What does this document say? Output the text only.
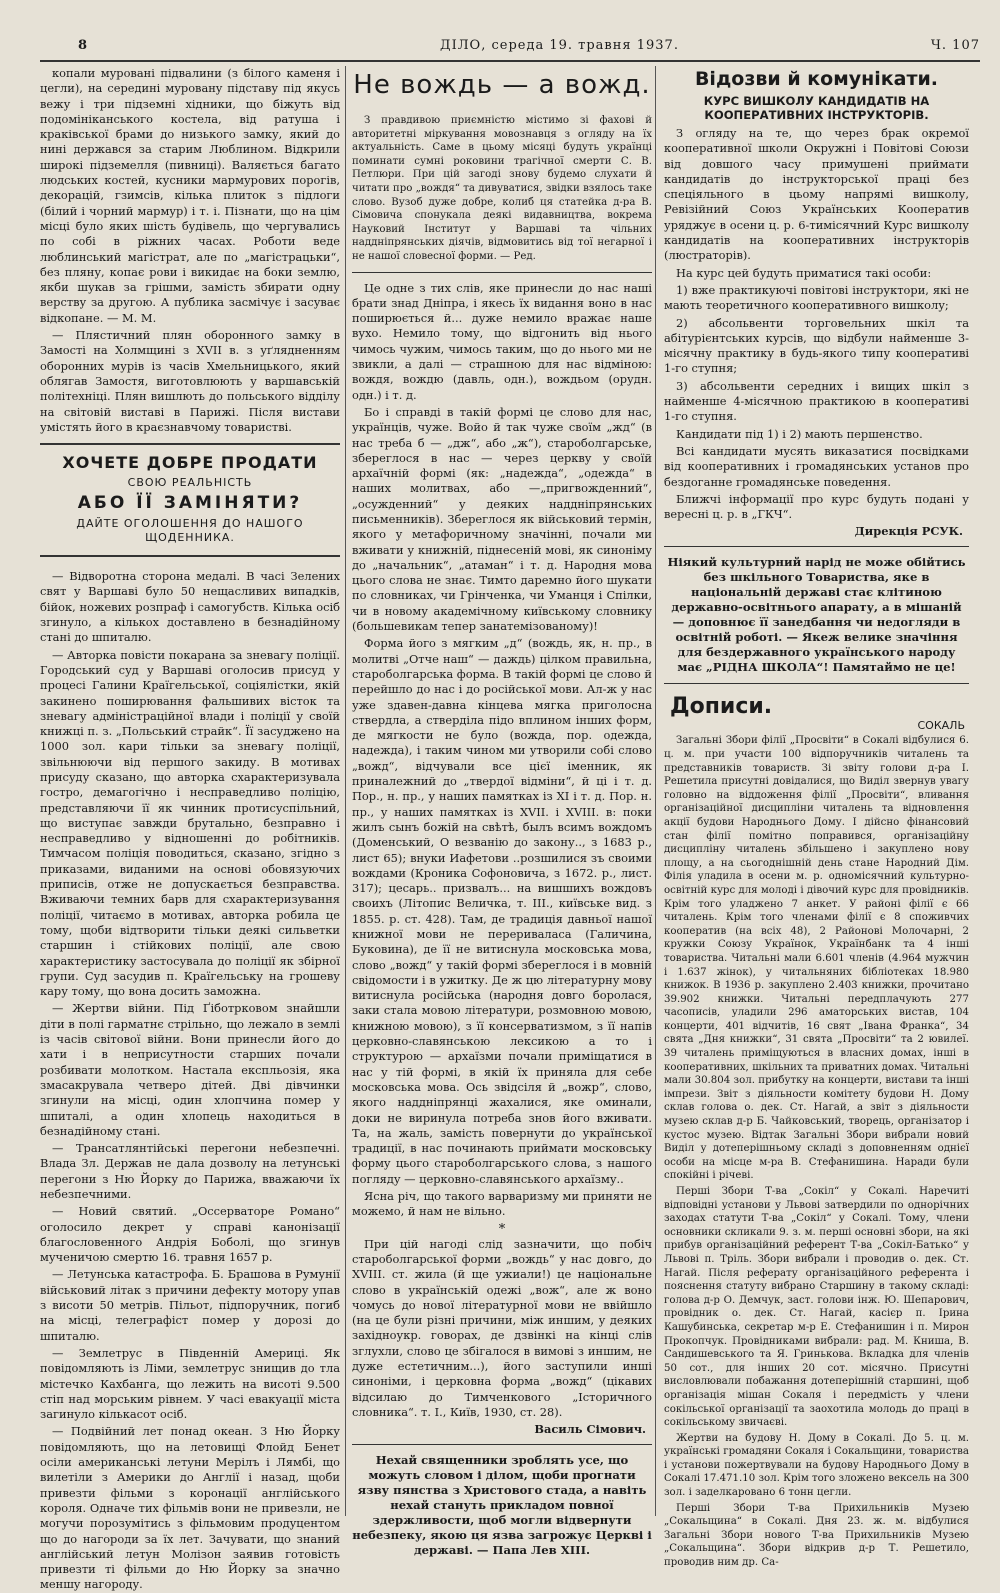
8	ДІЛО, середа 19. травня 1937.	Ч. 107

копали муровані підвалини (з білого каменя і цегли), на середині мурованy підставу під якусь вежу і три підземні хідники, що біжуть від подомініканського костела, від ратуша і краківської брами до низького замку, який до нині держався за старим Люблином. Відкрили широкі підземелля (пивниці). Валяється багато людських костей, кусники мармурових порогів, декорацій, гзимсів, кілька плиток з підлоги (білий і чорний мармур) і т. і. Пізнати, що на цім місці було яких шість будівель, що чергувались по собі в ріжних часах. Роботи веде люблинський магістрат, але по „магістрацьки“, без пляну, копає рови і викидає на боки землю, якби шукав за грішми, замість збирати одну верству за другою. А публика засмічує і засуває відкопане. — М. М.

— Плястичний плян оборонного замку в Замості на Холмщині з XVII в. з уґлядненням оборонних мурів із часів Хмельницького, який облягав Замостя, виготовлюють у варшавській політехніці. Плян вишлють до польського відділу на світовій виставі в Парижі. Після вистави умістять його в краєзнавчому товаристві.

ХОЧЕТЕ ДОБРЕ ПРОДАТИ
СВОЮ РЕАЛЬНІСТЬ
АБО ЇЇ ЗАМІНЯТИ?
ДАЙТЕ ОГОЛОШЕННЯ ДО НАШОГО ЩОДЕННИКА.

— Відворотна сторона медалі. В часі Зелених свят у Варшаві було 50 нещасливих випадків, бійок, ножевих розпраф і самогубств. Кілька осіб згинуло, а кількох доставлено в безнадійному стані до шпиталю.

— Авторка повісти покарана за зневагу поліції. Городський суд у Варшаві оголосив присуд у процесі Галини Країгельської, соціялістки, якій закинено поширювання фальшивих вісток та зневагу адміністраційної влади і поліції у своїй книжці п. з. „Польський страйк“. Її засуджено на 1000 зол. кари тільки за зневагу поліції, звільнюючи від першого закиду. В мотивах присуду сказано, що авторка схарактеризувала гостро, демагогічно і несправедливо поліцію, представляючи її як чинник протисуспільний, що виступає завжди брутально, безправно і несправедливо у відношенні до робітників. Тимчасом поліція поводиться, сказано, згідно з приказами, виданими на основі обовязуючих приписів, отже не допускається безправства. Вживаючи темних барв для схарактеризування поліції, читаємо в мотивах, авторка робила це тому, щоби відтворити тільки деякі сильветки старшин і стійкових поліції, але свою характеристику застосувала до поліції як збірної групи. Суд засудив п. Країгельську на грошеву кару тому, що вона досить заможна.

— Жертви війни. Під Ґіботрковом знайшли діти в полі гарматнє стрільно, що лежало в землі із часів світової війни. Вони принесли його до хати і в неприсутности старших почали розбивати молотком. Настала експльозія, яка змасакрувала четверо дітей. Дві дівчинки згинули на місці, один хлопчина помер у шпиталі, а один хлопець находиться в безнадійному стані.

— Трансатлянтійські перегони небезпечні. Влада Зл. Держав не дала дозволу на летунські перегони з Ню Йорку до Парижа, вважаючи їх небезпечними.

— Новий святий. „Оссерваторе Романо“ оголосило декрет у справі канонізації благословенного Андрія Боболі, що згинув мученичою смертю 16. травня 1657 р.

— Летунська катастрофа. Б. Брашова в Румунії військовий літак з причини дефекту мотору упав з висоти 50 метрів. Пільот, підпоручник, погиб на місці, телеграфіст помер у дорозі до шпиталю.

— Землетрус в Південній Америці. Як повідомляють із Ліми, землетрус знищив до тла містечко Кахбанга, що лежить на висоті 9.500 стіп над морським рівнем. У часі евакуації міста загинуло кількасот осіб.

— Подвійний лет понад океан. З Ню Йорку повідомляють, що на летовищі Флойд Бенет осіли американські летуни Мерілъ і Лямбі, що вилетіли з Америки до Англії і назад, щоби привезти фільми з коронації англійського короля. Одначе тих фільмів вони не привезли, не могучи порозумітись з фільмовим продуцентом що до нагороди за їх лет. Зачувати, що знаний англійський летун Молізон заявив готовість привезти ті фільми до Ню Йорку за значно меншу нагороду.

Не вождь — а вожд.

З правдивою приємністю містимо зі фахові й авторитетні міркування мовознавця з огляду на їх актуальність. Саме в цьому місяці будуть українці поминати сумні роковини трагічної смерти С. В. Петлюри. При цій загоді знову будемо слухати й читати про „вождя“ та дивуватися, звідки взялось таке слово. Вузоб дуже добре, колиб ця статейка д-ра В. Сімовича спонукала деякі видавництва, вокрема Науковий Інститут у Варшаві та чільних наддніпрянських діячів, відмовитись від тої негарної і не нашої словесної форми. — Ред.

Це одне з тих слів, яке принесли до нас наші брати знад Дніпра, і якесь їх видання воно в нас поширюється й... дуже немило вражає наше вухо. Немило тому, що відгонить від нього чимось чужим, чимось таким, що до нього ми не звикли, а далі — страшною для нас відміною: вождя, вождю (давль, одн.), вождьом (орудн. одн.) і т. д.

Бо і справді в такій формі це слово для нас, українців, чуже. Вoйо й так чуже своїм „жд“ (в нас треба б — „дж“, або „ж“), староболгарське, збереглося в нас — через церкву у своїй архаїчній формі (як: „надежда“, „одежда“ в наших молитвах, або —„пригвожденний“, „осужденний“ у деяких наддніпрянських письменників). Збереглося як військовий термін, якого у метафоричному значінні, почали ми вживати у книжній, піднесеній мові, як синоніму до „начальник“, „атаман“ і т. д. Народня мова цього слова не знає. Тимто даремно його шукати по словниках, чи Грінченка, чи Уманця і Спілки, чи в новому академічному київському словнику (большевикам тепер занатемізованому)!

Форма його з мягким „д“ (вождь, як, н. пр., в молитві „Отче наш“ — даждь) цілком правильна, староболгарська форма. В такій формі це слово й перейшло до нас і до російської мови. Ал-ж у нас уже здавен-давна кінцева мягка приголосна ствердла, а стверділа пiдо вплином інших форм, де мягкости не було (вожда, пор. одежда, надежда), і таким чином ми утворили собі слово „вожд“, відчували все цієї іменник, як приналежний до „твердої відміни“, й ці і т. д. Пор., н. пр., у наших памятках із ХІ і т. д. Пор. н. пр., у наших памятках із XVII. і XVIII. в: поки жилъ сынъ божій на свѣтѣ, былъ всимъ вождомъ (Доменський, О везванію до закону.., з 1683 р., лист 65); внуки Иафетови ..розшилися зъ своими вождами (Кроника Софоновича, з 1672. р., лист. 317); цесарь.. призвалъ... на вишшихъ вождовъ своихъ (Літопис Величка, т. ІІІ., київське вид. з 1855. р. ст. 428). Там, де традиція давньої нашої книжної мови не перериваласа (Галичина, Буковина), де її не витиснула московська мова, слово „вожд“ у такій формі збереглося і в мовній свідомости і в ужитку. Де ж цю літературну мову витиснула російська (народня довго боролася, заки стала мовою літератури, розмовною мовою, книжною мовою), з її консерватизмом, з її напів церковно-славянською лексикою а то і структурою — архаїзми почали приміщатися в нас у тій формі, в якій їх приняла для себе московська мова. Ось звідсіля й „вожр“, слово, якого наддніпрянці жахалися, яке оминали, доки не виринула потреба знов його вживати. Та, на жаль, замість повернути до української традиції, в нас починають приймати московську форму цього староболгарського слова, з нашого погляду — церковно-славянського архаїзму..

Ясна річ, що такого варваризму ми приняти не можемо, й нам не вільно.

*

При цій нагоді слід зазначити, що побіч староболгарської форми „вождь“ у нас довго, до XVIII. ст. жила (й ще ужиали!) це національне слово в українській одежі „вож“, але ж воно чомусь до нової літературної мови не ввійшло (на це були різні причини, між иншим, у деяких західноукр. говорах, де дзвінкі на кінці слів зглухли, слово це збігалося в вимові з иншим, не дуже естетичним...), його заступили инші синоніми, і церковна форма „вожд“ (цікавих відсилаю до Тимченкового „Історичного словника“. т. І., Київ, 1930, ст. 28).

Василь Сімович.
Нехай священники зроблять усе, що можуть словом і ділом, щоби прогнати язву пянства з Христового стада, а навіть нехай стануть прикладом повної здержливости, щоб могли відвернути небезпеку, якою ця язва загрожує Церкві і державі. — Папа Лев ХІІІ.
Відозви й комунікати.
КУРС ВИШКОЛУ КАНДИДАТІВ НА КООПЕРАТИВНИХ ІНСТРУКТОРІВ.

З огляду на те, що через брак окремої кооперативної школи Окружні і Повітові Союзи від довшого часу примушені приймати кандидатів до інструкторської праці без спеціяльного в цьому напрямі вишколу, Ревізійний Союз Українських Кооператив уряджує в осени ц. р. 6-тимісячний Курс вишколу кандидатів на кооперативних інструкторів (люстраторів).

На курс цей будуть приматися такі особи:

1) вже практикуючі повітові інструктори, які не мають теоретичного кооперативного вишколу;

2) абсольвенти торговельних шкіл та абітурієнтських курсів, що відбули найменше 3-місячну практику в будь-якого типу кооперативі 1-го ступня;

3) абсольвенти середних і вищих шкіл з найменше 4-місячною практикою в кооперативі 1-го ступня.

Кандидати під 1) і 2) мають першенство.

Всі кандидати мусять виказатися посвідками від кооперативних і громадянських установ про бездоганне громадянське поведення.

Ближчі інформації про курс будуть подані у вересні ц. р. в „ГКЧ“.

Дирекція РСУК.
Ніякий культурний нарід не може обійтись без шкільного Товариства, яке в національній державі стає клітиною державно-освітнього апарату, а в мішаній — доповнює її занедбання чи недогляди в освітній роботі. — Якеж велике значіння для бездержавного українського народу має „РІДНА ШКОЛА“! Памятаймо не це!
Дописи.
СОКАЛЬ

Загальні Збори філії „Просвіти“ в Сокалі відбулися 6. ц. м. при участи 100 відпоручників читалень та представників товариств. Зі звіту голови д-ра І. Решетила присутні довідалися, що Виділ звернув увагу головно на віддоження філії „Просвіти“, вливання організаційної дисципліни читалень та відновлення акції будови Народнього Дому. І дійсно фінансовий стан філії помітно поправився, організаційну дисципліну читалень збільшено і закуплено нову площу, а на сьогоднішній день стане Народний Дім. Філія уладила в осени м. р. одномісячний культурно-освітній курс для молоді і дівочий курс для провідників. Крім того уладжено 7 анкет. У районі філії є 66 читалень. Крім того членами філії є 8 споживчих кооператив (на всіх 48), 2 Районові Молочарні, 2 кружки Союзу Українок, Українбанк та 4 інші товариства. Читальні мали 6.601 членів (4.964 мужчин і 1.637 жінок), у читальняних бібліотеках 18.980 книжок. В 1936 р. закуплено 2.403 книжки, прочитано 39.902 книжки. Читальні передплачують 277 часописів, уладили 296 аматорських вистав, 104 концерти, 401 відчитів, 16 свят „Івана Франка“, 34 свята „Дня книжки“, 31 свята „Просвіти“ та 2 ювилеї. 39 читалень приміщуються в власних домах, інші в кооперативних, шкільних та приватних домах. Читальні мали 30.804 зол. прибутку на концерти, вистави та інші імпрези. Звіт з діяльности комітету будови Н. Дому склав голова о. дек. Ст. Нагай, а звіт з діяльности музею склав д-р Б. Чайковський, творець, організатор і кустос музею. Відтак Загальні Збори вибрали новий Виділ у дотеперішньому складі з доповненням однієї особи на місце м-ра В. Стефанишина. Наради були спокійні і річеві.

Перші Збори Т-ва „Сокіл“ у Сокалі. Наречиті відповідні установи у Львові затвердили по однорічних заходах статути Т-ва „Сокіл“ у Сокалі. Тому, члени основники скликали 9. з. м. перші основні збори, на які прибув організаційний референт Т-ва „Сокіл-Батько“ у Львові п. Тріль. Збори вибрали і проводив о. дек. Ст. Нагай. Після реферату організаційного референта і пояснення статуту вибрано Старшину в такому складі: голова д-р О. Демчук, заст. голови інж. Ю. Шепарович, провідник о. дек. Ст. Нагай, касієр п. Ірина Кашубинська, секретар м-р Е. Стефанишин і п. Мирон Прокопчук. Провідниками вибрали: рад. М. Книша, В. Сандишевського та Я. Гринькова. Вкладка для членів 50 сот., для інших 20 сот. місячно. Присутні висловлювали побажання дотеперішній старшині, щоб організація мішан Сокаля і передмість у члени сокільської організації та заохотила молодь до праці в сокільському звичаєві.

Жертви на будову Н. Дому в Сокалі. До 5. ц. м. українські громадяни Сокаля і Сокальщини, товариства і установи пожертвували на будову Народнього Дому в Сокалі 17.471.10 зол. Крім того зложено вексель на 300 зол. і заделкаровано 6 тонн цегли.

Перші Збори Т-ва Прихильників Музею „Сокальщина“ в Сокалі. Дня 23. ж. м. відбулися Загальні Збори нового Т-ва Прихильників Музею „Сокальщина“. Збори відкрив д-р Т. Решетило, проводив ним др. Са-
